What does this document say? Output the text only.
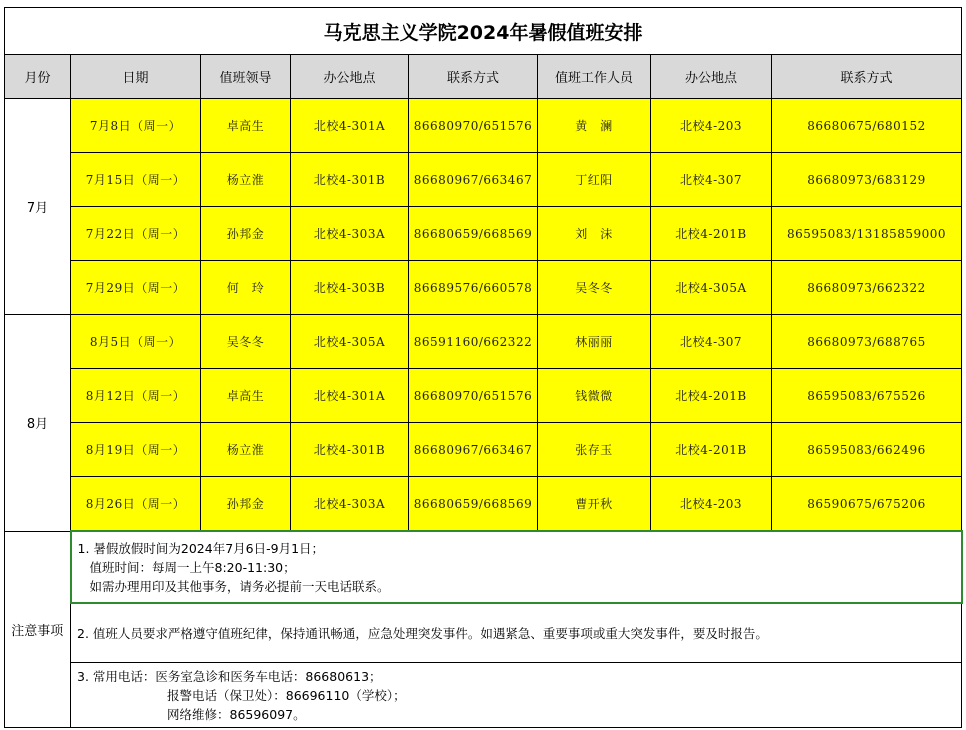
马克思主义学院2024年暑假值班安排							
月份	日期	值班领导	办公地点	联系方式	值班工作人员	办公地点	联系方式
7月	7月8日（周一）	卓高生	北校4-301A	86680970/651576	黄　澜	北校4-203	86680675/680152
	7月15日（周一）	杨立淮	北校4-301B	86680967/663467	丁红阳	北校4-307	86680973/683129
	7月22日（周一）	孙邦金	北校4-303A	86680659/668569	刘　沫	北校4-201B	86595083/13185859000
	7月29日（周一）	何　玲	北校4-303B	86689576/660578	吴冬冬	北校4-305A	86680973/662322
8月	8月5日（周一）	吴冬冬	北校4-305A	86591160/662322	林丽丽	北校4-307	86680973/688765
	8月12日（周一）	卓高生	北校4-301A	86680970/651576	钱微微	北校4-201B	86595083/675526
	8月19日（周一）	杨立淮	北校4-301B	86680967/663467	张存玉	北校4-201B	86595083/662496
	8月26日（周一）	孙邦金	北校4-303A	86680659/668569	曹开秋	北校4-203	86590675/675206
注意事项	1. 暑假放假时间为2024年7月6日-9月1日；
值班时间：每周一上午8:20-11:30；
如需办理用印及其他事务，请务必提前一天电话联系。						

	2. 值班人员要求严格遵守值班纪律，保持通讯畅通，应急处理突发事件。如遇紧急、重要事项或重大突发事件，要及时报告。						

	3. 常用电话：医务室急诊和医务车电话：86680613；
报警电话（保卫处）：86696110（学校）；
网络维修：86596097。						
